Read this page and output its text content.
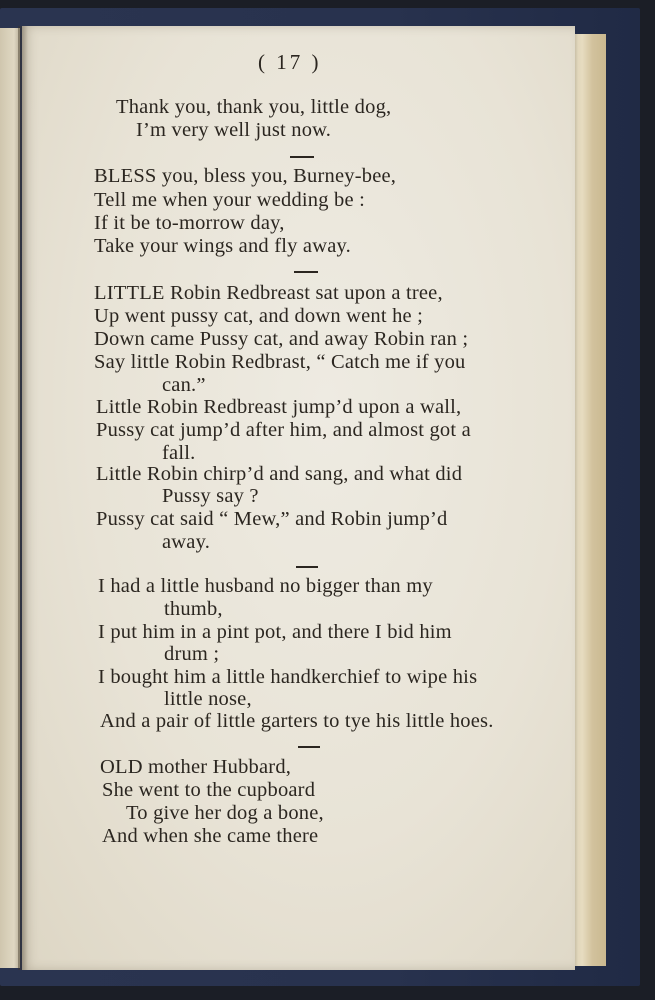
( 17 )
Thank you, thank you, little dog,
I’m very well just now.
BLESS you, bless you, Burney-bee,
Tell me when your wedding be :
If it be to-morrow day,
Take your wings and fly away.
LITTLE Robin Redbreast sat upon a tree,
Up went pussy cat, and down went he ;
Down came Pussy cat, and away Robin ran ;
Say little Robin Redbrast, “ Catch me if you
can.”
Little Robin Redbreast jump’d upon a wall,
Pussy cat jump’d after him, and almost got a
fall.
Little Robin chirp’d and sang, and what did
Pussy say ?
Pussy cat said “ Mew,” and Robin jump’d
away.
I had a little husband no bigger than my
thumb,
I put him in a pint pot, and there I bid him
drum ;
I bought him a little handkerchief to wipe his
little nose,
And a pair of little garters to tye his little hoes.
OLD mother Hubbard,
She went to the cupboard
To give her dog a bone,
And when she came there
